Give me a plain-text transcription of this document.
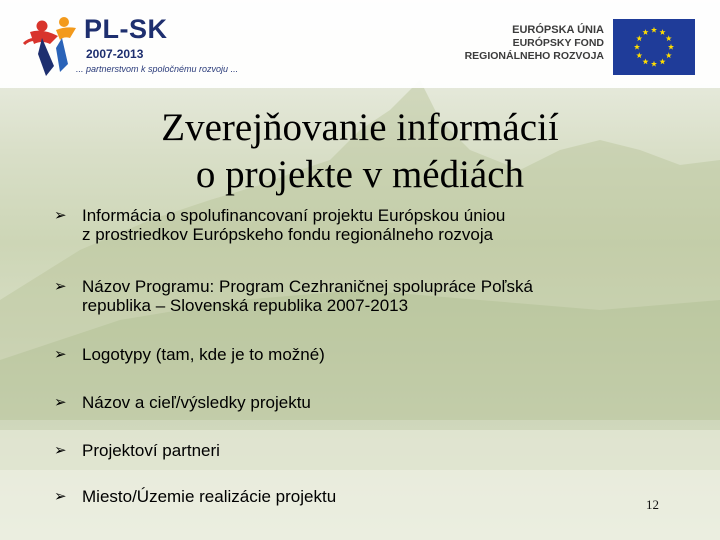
PL-SK
2007-2013
... partnerstvom k spoločnému rozvoju ...
EURÓPSKA ÚNIA
EURÓPSKY FOND
REGIONÁLNEHO ROZVOJA
Zverejňovanie informácií
o projekte v médiách
➢ Informácia o spolufinancovaní projektu Európskou úniou
z prostriedkov Európskeho fondu regionálneho rozvoja
➢ Názov Programu: Program Cezhraničnej spolupráce Poľská
republika – Slovenská republika 2007-2013
➢ Logotypy (tam, kde je to možné)
➢ Názov a cieľ/výsledky projektu
➢ Projektoví partneri
➢ Miesto/Územie realizácie projektu	12
